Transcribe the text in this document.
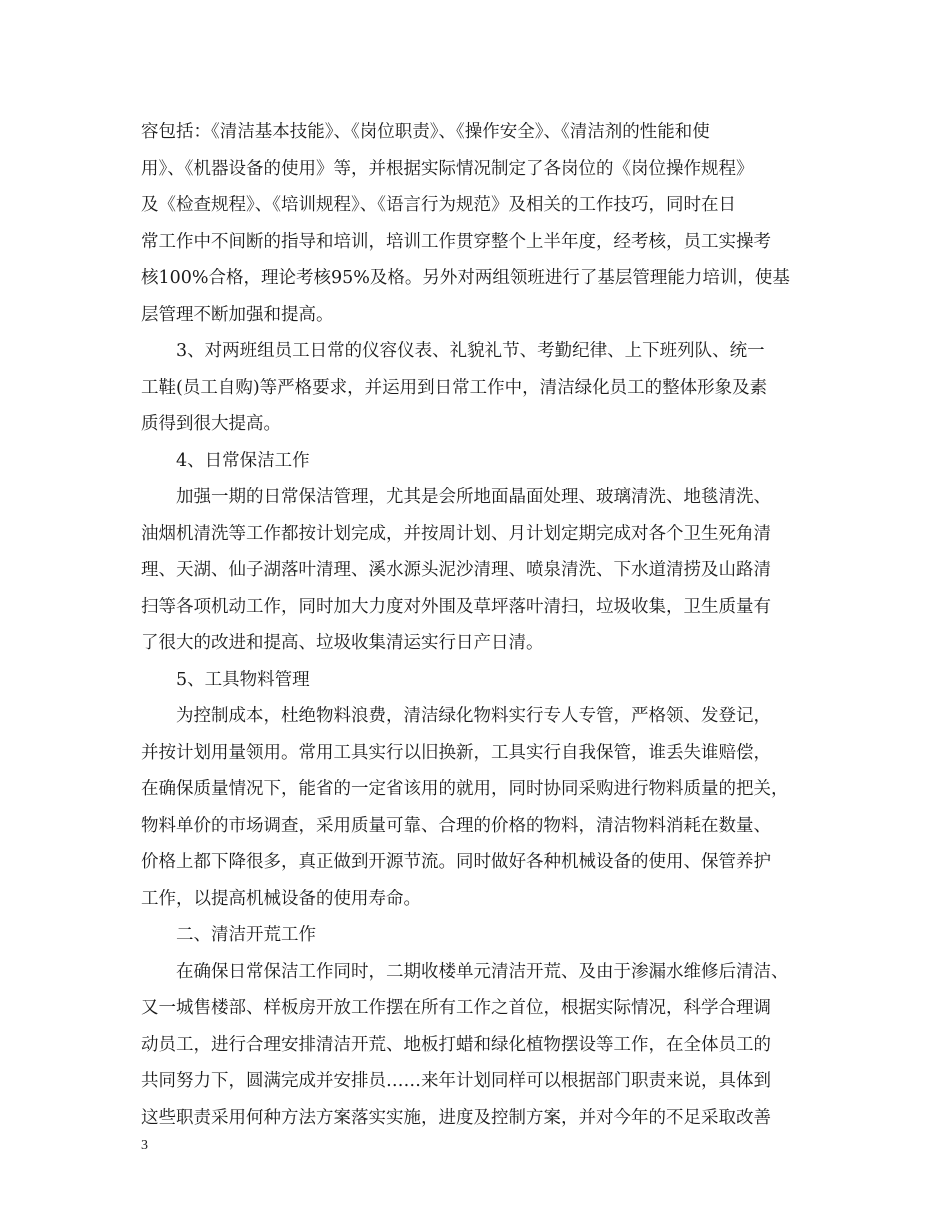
容包括：《清洁基本技能》、《岗位职责》、《操作安全》、《清洁剂的性能和使
用》、《机器设备的使用》等，并根据实际情况制定了各岗位的《岗位操作规程》
及《检查规程》、《培训规程》、《语言行为规范》及相关的工作技巧，同时在日
常工作中不间断的指导和培训，培训工作贯穿整个上半年度，经考核，员工实操考
核100%合格，理论考核95%及格。另外对两组领班进行了基层管理能力培训，使基
层管理不断加强和提高。
3、对两班组员工日常的仪容仪表、礼貌礼节、考勤纪律、上下班列队、统一
工鞋(员工自购)等严格要求，并运用到日常工作中，清洁绿化员工的整体形象及素
质得到很大提高。
4、日常保洁工作
加强一期的日常保洁管理，尤其是会所地面晶面处理、玻璃清洗、地毯清洗、
油烟机清洗等工作都按计划完成，并按周计划、月计划定期完成对各个卫生死角清
理、天湖、仙子湖落叶清理、溪水源头泥沙清理、喷泉清洗、下水道清捞及山路清
扫等各项机动工作，同时加大力度对外围及草坪落叶清扫，垃圾收集，卫生质量有
了很大的改进和提高、垃圾收集清运实行日产日清。
5、工具物料管理
为控制成本，杜绝物料浪费，清洁绿化物料实行专人专管，严格领、发登记，
并按计划用量领用。常用工具实行以旧换新，工具实行自我保管，谁丢失谁赔偿，
在确保质量情况下，能省的一定省该用的就用，同时协同采购进行物料质量的把关，
物料单价的市场调查，采用质量可靠、合理的价格的物料，清洁物料消耗在数量、
价格上都下降很多，真正做到开源节流。同时做好各种机械设备的使用、保管养护
工作，以提高机械设备的使用寿命。
二、清洁开荒工作
在确保日常保洁工作同时，二期收楼单元清洁开荒、及由于渗漏水维修后清洁、
又一城售楼部、样板房开放工作摆在所有工作之首位，根据实际情况，科学合理调
动员工，进行合理安排清洁开荒、地板打蜡和绿化植物摆设等工作，在全体员工的
共同努力下，圆满完成并安排员……来年计划同样可以根据部门职责来说，具体到
这些职责采用何种方法方案落实实施，进度及控制方案，并对今年的不足采取改善
3
